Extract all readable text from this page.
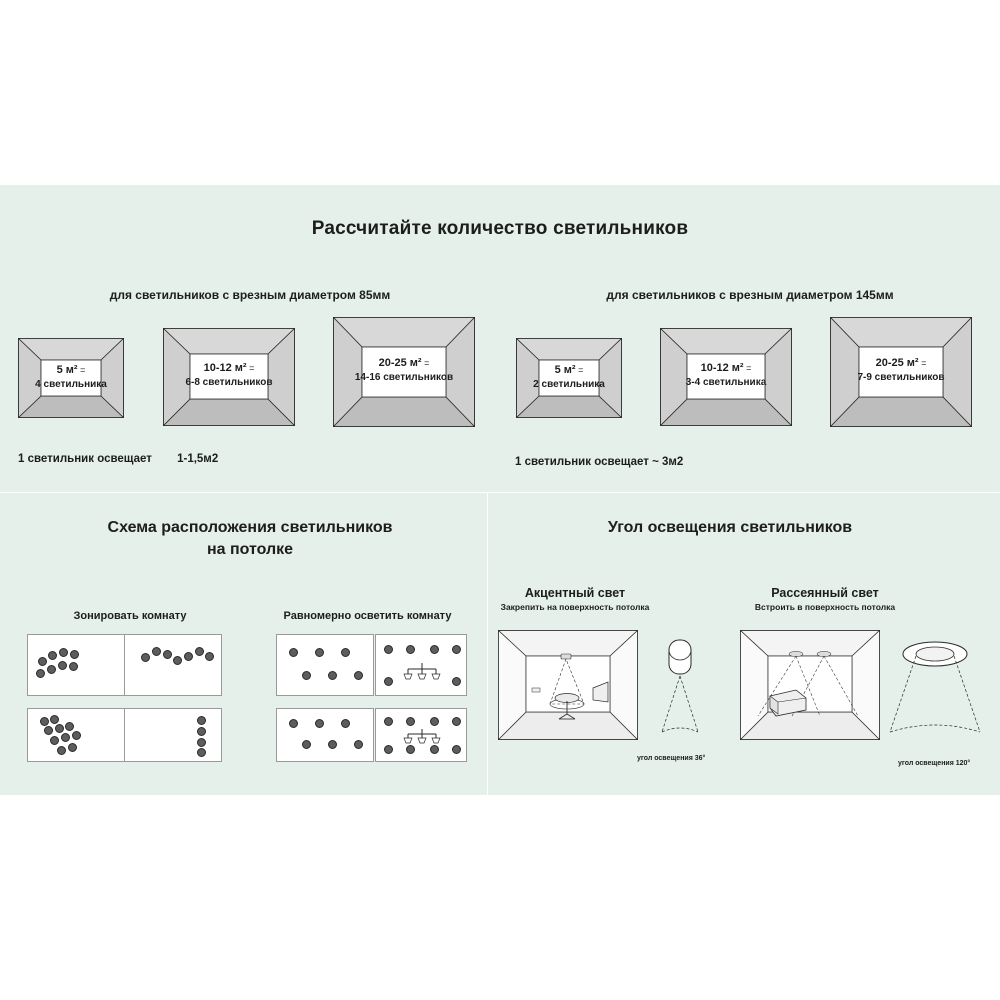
Рассчитайте количество светильников
для светильников с врезным диаметром 85мм	для светильников с врезным диаметром 145мм
5 м² =
4 светильника
10-12 м² =
6-8 светильников
20-25 м² =
14-16 светильников
5 м² =
2 светильника
10-12 м² =
3-4 светильника
20-25 м² =
7-9 светильников
1 светильник освещает 1-1,5м2	1 светильник освещает ~ 3м2
Схема расположения светильников
на потолке
Зонировать комнату	Равномерно осветить комнату
Угол освещения светильников
Акцентный свет
Закрепить на поверхность потолка
Рассеянный свет
Встроить в поверхность потолка
угол освещения 36°
угол освещения 120°
